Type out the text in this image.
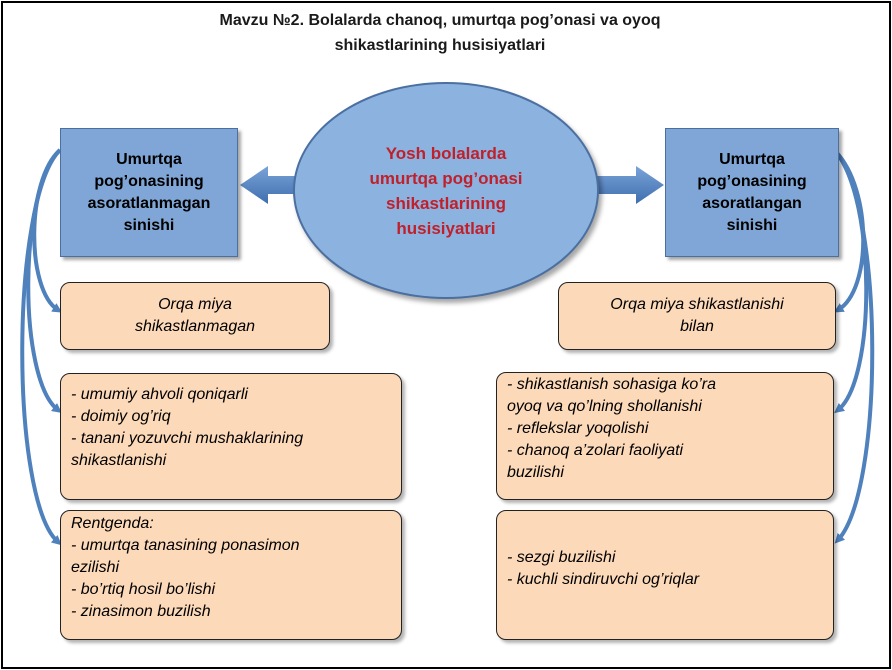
Mavzu №2. Bolalarda chanoq, umurtqa pog’onasi va oyoq
shikastlarining husisiyatlari
Umurtqa
pog’onasining
asoratlanmagan
sinishi
Yosh bolalarda
umurtqa pog’onasi
shikastlarining
husisiyatlari
Umurtqa
pog’onasining
asoratlangan
sinishi
Orqa miya
shikastlanmagan
Orqa miya shikastlanishi
bilan
- umumiy ahvoli qoniqarli
- doimiy og’riq
- tanani yozuvchi mushaklarining
shikastlanishi
Rentgenda:
- umurtqa tanasining ponasimon
ezilishi
- bo’rtiq hosil bo’lishi
- zinasimon buzilish
- shikastlanish sohasiga ko’ra
oyoq va qo’lning shollanishi
- reflekslar yoqolishi
- chanoq a’zolari faoliyati
buzilishi
- sezgi buzilishi
- kuchli sindiruvchi og’riqlar
